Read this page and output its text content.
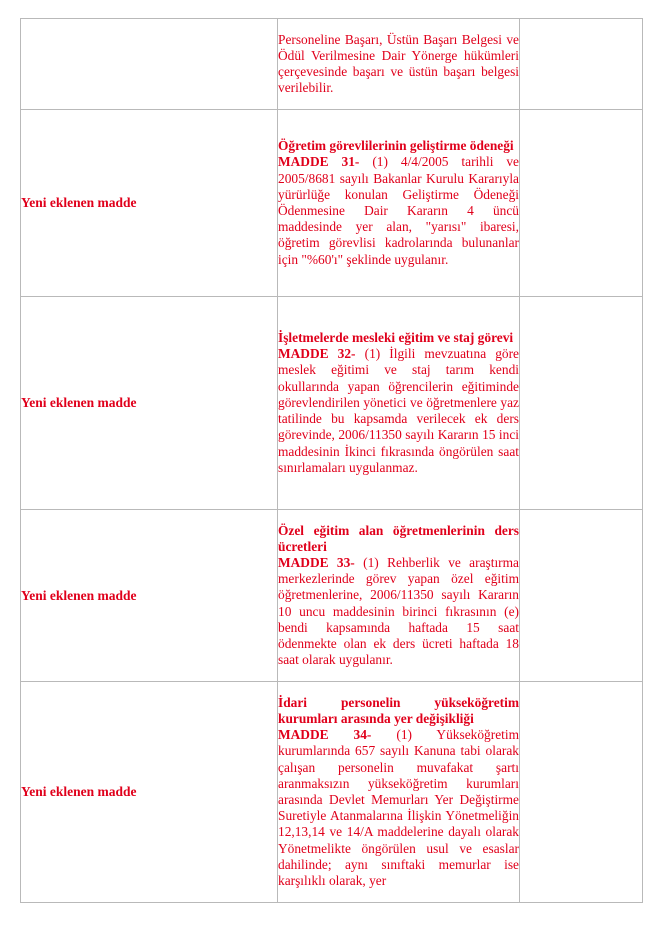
	Personeline Başarı, Üstün Başarı Belgesi ve Ödül Verilmesine Dair Yönerge hükümleri çerçevesinde başarı ve üstün başarı belgesi verilebilir.	
Yeni eklenen madde	Öğretim görevlilerinin geliştirme ödeneği
MADDE 31- (1) 4/4/2005 tarihli ve 2005/8681 sayılı Bakanlar Kurulu Kararıyla yürürlüğe konulan Geliştirme Ödeneği Ödenmesine Dair Kararın 4 üncü maddesinde yer alan, "yarısı" ibaresi, öğretim görevlisi kadrolarında bulunanlar için "%60'ı" şeklinde uygulanır.	
Yeni eklenen madde	İşletmelerde mesleki eğitim ve staj görevi
MADDE 32- (1) İlgili mevzuatına göre meslek eğitimi ve staj tarım kendi okullarında yapan öğrencilerin eğitiminde görevlendirilen yönetici ve öğretmenlere yaz tatilinde bu kapsamda verilecek ek ders görevinde, 2006/11350 sayılı Kararın 15 inci maddesinin İkinci fıkrasında öngörülen saat sınırlamaları uygulanmaz.	
Yeni eklenen madde	Özel eğitim alan öğretmenlerinin ders ücretleri
MADDE 33- (1) Rehberlik ve araştırma merkezlerinde görev yapan özel eğitim öğretmenlerine, 2006/11350 sayılı Kararın 10 uncu maddesinin birinci fıkrasının (e) bendi kapsamında haftada 15 saat ödenmekte olan ek ders ücreti haftada 18 saat olarak uygulanır.	
Yeni eklenen madde	İdari personelin yükseköğretim kurumları arasında yer değişikliği
MADDE 34- (1) Yükseköğretim kurumlarında 657 sayılı Kanuna tabi olarak çalışan personelin muvafakat şartı aranmaksızın yükseköğretim kurumları arasında Devlet Memurları Yer Değiştirme Suretiyle Atanmalarına İlişkin Yönetmeliğin 12,13,14 ve 14/A maddelerine dayalı olarak Yönetmelikte öngörülen usul ve esaslar dahilinde; aynı sınıftaki memurlar ise karşılıklı olarak, yer	
